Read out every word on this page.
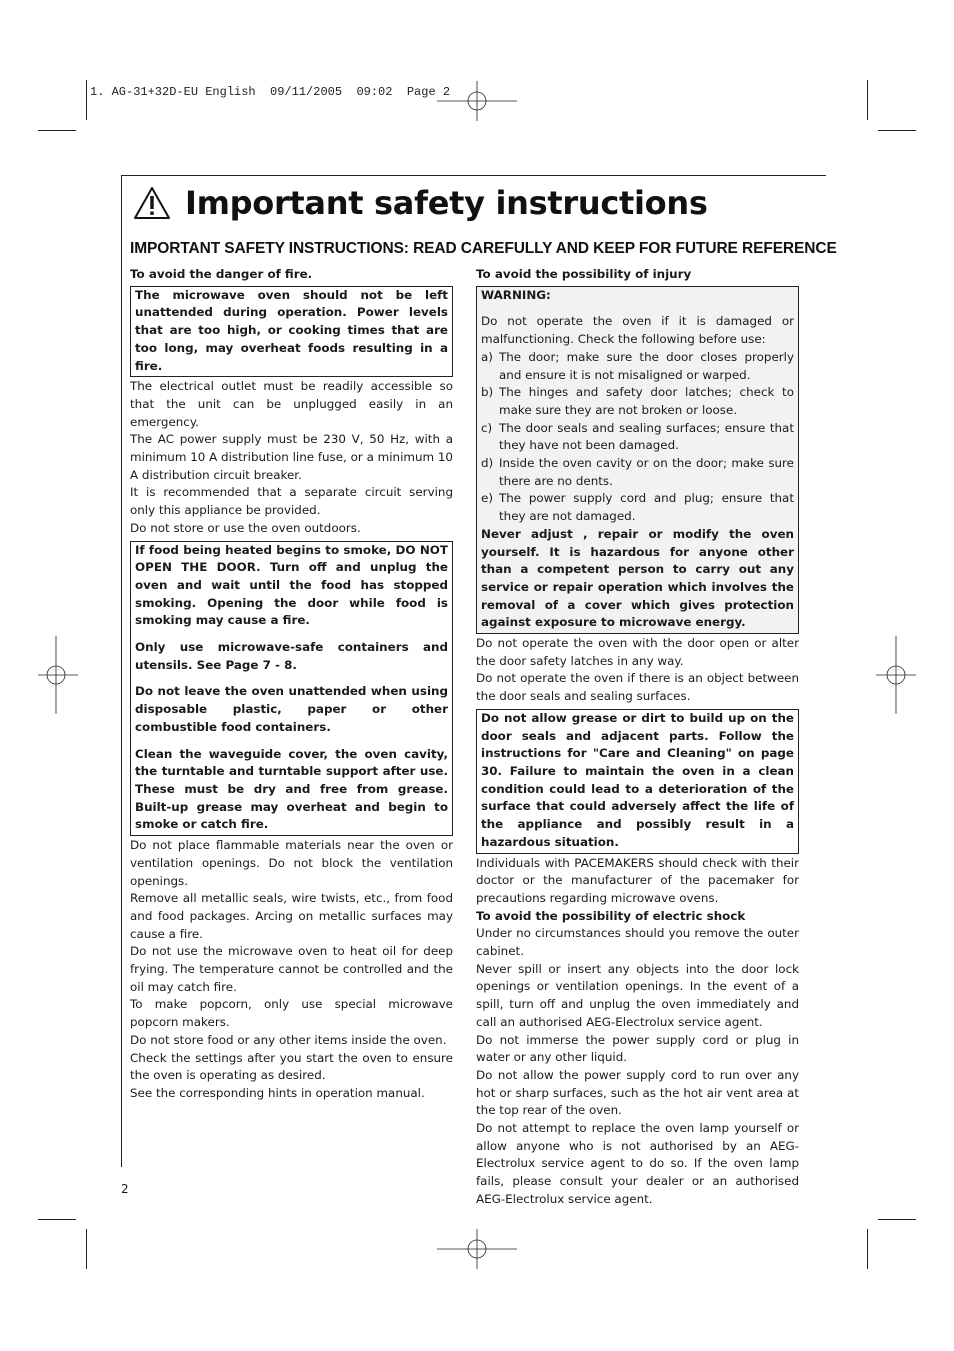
1. AG-31+32D-EU English  09/11/2005  09:02  Page 2
Important safety instructions
IMPORTANT SAFETY INSTRUCTIONS: READ CAREFULLY AND KEEP FOR FUTURE REFERENCE

To avoid the danger of fire.

The microwave oven should not be left unattended during operation. Power levels that are too high, or cooking times that are too long, may overheat foods resulting in a fire.

The electrical outlet must be readily accessible so that the unit can be unplugged easily in an emergency.

The AC power supply must be 230 V, 50 Hz, with a minimum 10 A distribution line fuse, or a minimum 10 A distribution circuit breaker.

It is recommended that a separate circuit serving only this appliance be provided.

Do not store or use the oven outdoors.

If food being heated begins to smoke, DO NOT OPEN THE DOOR. Turn off and unplug the oven and wait until the food has stopped smoking. Opening the door while food is smoking may cause a fire.

Only use microwave-safe containers and utensils. See Page 7 - 8.

Do not leave the oven unattended when using disposable plastic, paper or other combustible food containers.

Clean the waveguide cover, the oven cavity, the turntable and turntable support after use. These must be dry and free from grease. Built-up grease may overheat and begin to smoke or catch fire.

Do not place flammable materials near the oven or ventilation openings. Do not block the ventilation openings.

Remove all metallic seals, wire twists, etc., from food and food packages. Arcing on metallic surfaces may cause a fire.

Do not use the microwave oven to heat oil for deep frying. The temperature cannot be controlled and the oil may catch fire.

To make popcorn, only use special microwave popcorn makers.

Do not store food or any other items inside the oven.

Check the settings after you start the oven to ensure the oven is operating as desired.

See the corresponding hints in operation manual.

To avoid the possibility of injury

WARNING:

Do not operate the oven if it is damaged or malfunctioning. Check the following before use:

a) The door; make sure the door closes properly and ensure it is not misaligned or warped.
b) The hinges and safety door latches; check to make sure they are not broken or loose.
c) The door seals and sealing surfaces; ensure that they have not been damaged.
d) Inside the oven cavity or on the door; make sure there are no dents.
e) The power supply cord and plug; ensure that they are not damaged.

Never adjust , repair or modify the oven yourself. It is hazardous for anyone other than a competent person to carry out any service or repair operation which involves the removal of a cover which gives protection against exposure to microwave energy.

Do not operate the oven with the door open or alter the door safety latches in any way.

Do not operate the oven if there is an object between the door seals and sealing surfaces.

Do not allow grease or dirt to build up on the door seals and adjacent parts. Follow the instructions for "Care and Cleaning" on page 30. Failure to maintain the oven in a clean condition could lead to a deterioration of the surface that could adversely affect the life of the appliance and possibly result in a hazardous situation.

Individuals with PACEMAKERS should check with their doctor or the manufacturer of the pacemaker for precautions regarding microwave ovens.

To avoid the possibility of electric shock

Under no circumstances should you remove the outer cabinet.

Never spill or insert any objects into the door lock openings or ventilation openings. In the event of a spill, turn off and unplug the oven immediately and call an authorised AEG-Electrolux service agent.

Do not immerse the power supply cord or plug in water or any other liquid.

Do not allow the power supply cord to run over any hot or sharp surfaces, such as the hot air vent area at the top rear of the oven.

Do not attempt to replace the oven lamp yourself or allow anyone who is not authorised by an AEG-Electrolux service agent to do so. If the oven lamp fails, please consult your dealer or an authorised AEG-Electrolux service agent.

2
